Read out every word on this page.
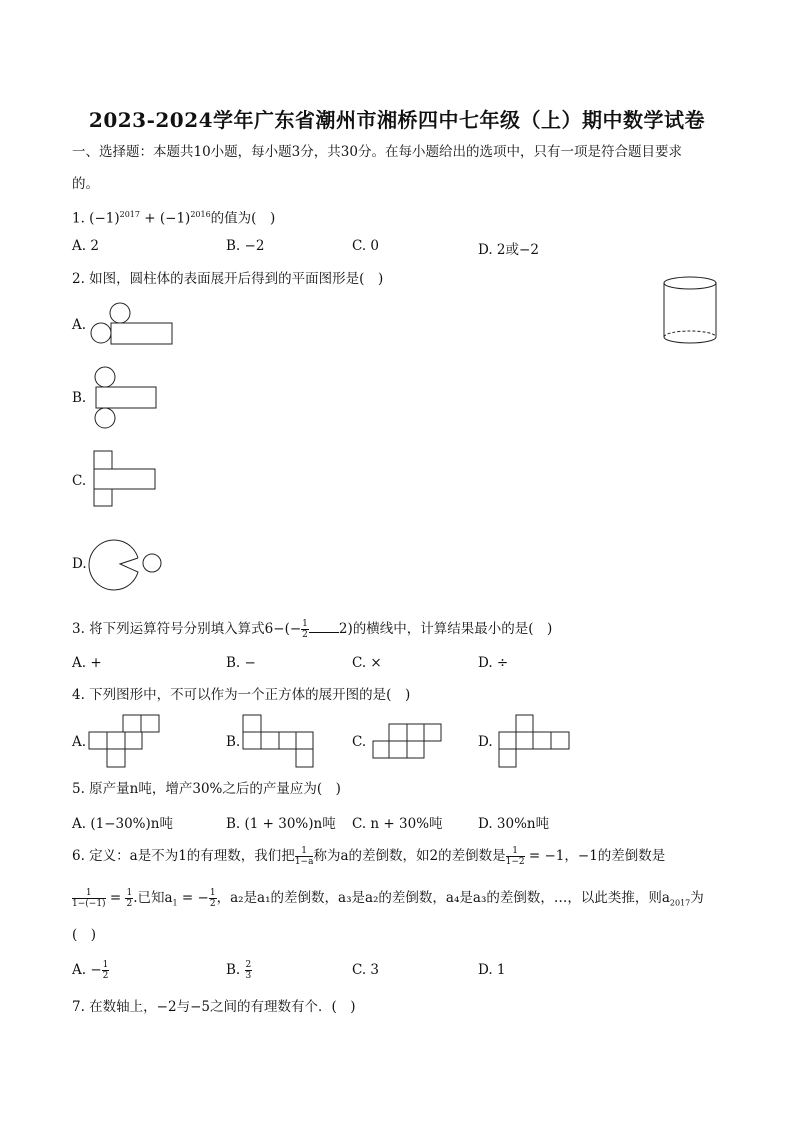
2023-2024学年广东省潮州市湘桥四中七年级（上）期中数学试卷
一、选择题：本题共10小题，每小题3分，共30分。在每小题给出的选项中，只有一项是符合题目要求
的。
1. $(-1)^{2017} + (-1)^{2016}$的值为(　)
A. 2	B. −2	C. 0	D. 2或−2
2. 如图，圆柱体的表面展开后得到的平面图形是(　)
A.
B.
C.
D.
3. 将下列运算符号分别填入算式$6-(- \frac{1}{2} 2)$的横线中，计算结果最小的是(　)
A. +	B. −	C. ×	D. ÷
4. 下列图形中，不可以作为一个正方体的展开图的是(　)
A.	B.	C.	D.
5. 原产量n吨，增产30%之后的产量应为(　)
A. (1−30%)n吨	B. (1 + 30%)n吨 C. n + 30%吨	D. 30%n吨
6. 定义：a是不为1的有理数，我们把 $\frac{1}{1-a}$ 称为a的差倒数，如2的差倒数是 $\frac{1}{1-2} = -1$，−1的差倒数是
$\frac{1}{1-(-1)} = \frac{1}{2}$ .已知$a_1$ = − $\frac{1}{2}$ ，a₂是a₁的差倒数，a₃是a₂的差倒数，a₄是a₃的差倒数，…，以此类推，则$a_{2017}$为
(　)
A. − $\frac{1}{2}$	B. $\frac{2}{3}$	C. 3	D. 1
7. 在数轴上，−2与−5之间的有理数有个．(　)
